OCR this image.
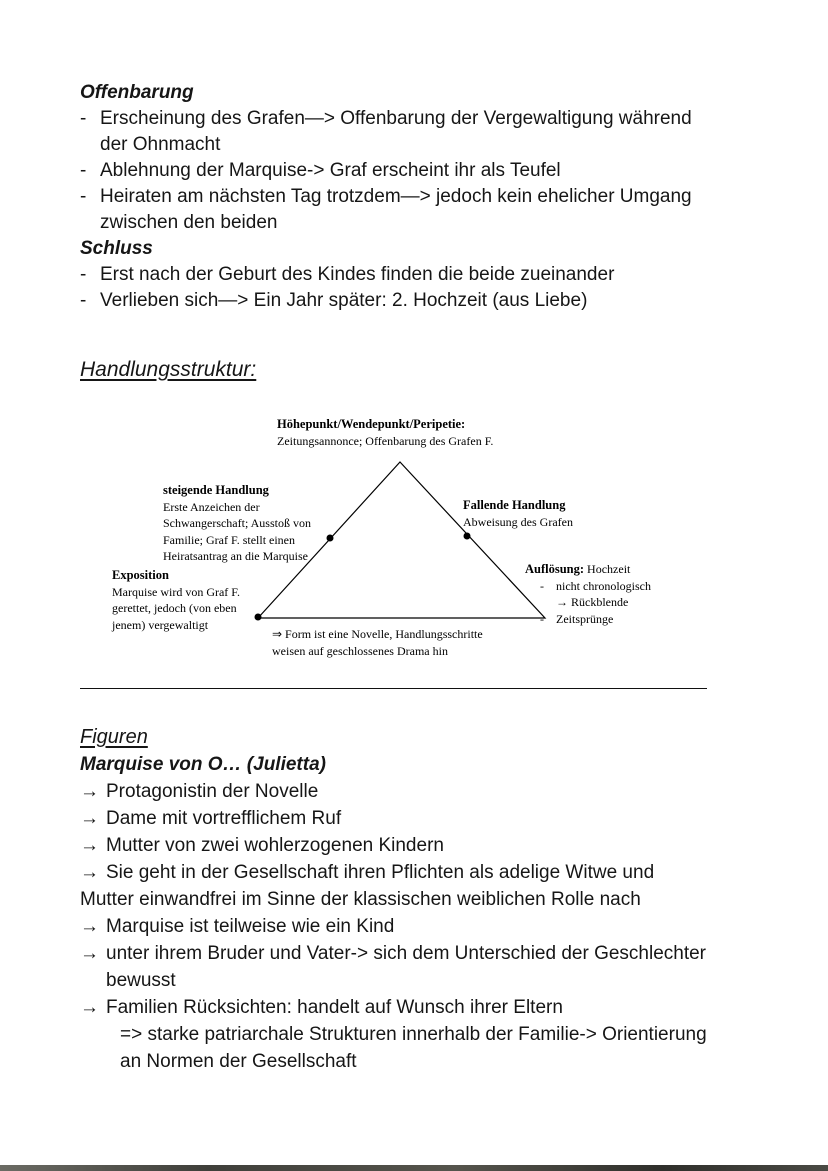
Offenbarung
- Erscheinung des Grafen—> Offenbarung der Vergewaltigung während
der Ohnmacht
- Ablehnung der Marquise-> Graf erscheint ihr als Teufel
- Heiraten am nächsten Tag trotzdem—> jedoch kein ehelicher Umgang
zwischen den beiden
Schluss
- Erst nach der Geburt des Kindes finden die beide zueinander
- Verlieben sich—> Ein Jahr später: 2. Hochzeit (aus Liebe)
Handlungsstruktur:
Höhepunkt/Wendepunkt/Peripetie:
Zeitungsannonce; Offenbarung des Grafen F.
steigende Handlung
Erste Anzeichen der
Schwangerschaft; Ausstoß von
Familie; Graf F. stellt einen
Heiratsantrag an die Marquise
Exposition
Marquise wird von Graf F.
gerettet, jedoch (von eben
jenem) vergewaltigt
Fallende Handlung
Abweisung des Grafen
Auflösung: Hochzeit
-	nicht chronologisch
→ Rückblende
-	Zeitsprünge
⇒ Form ist eine Novelle, Handlungsschritte
weisen auf geschlossenes Drama hin
Figuren
Marquise von O… (Julietta)
→ Protagonistin der Novelle
→ Dame mit vortrefflichem Ruf
→ Mutter von zwei wohlerzogenen Kindern
→ Sie geht in der Gesellschaft ihren Pflichten als adelige Witwe und
Mutter einwandfrei im Sinne der klassischen weiblichen Rolle nach
→ Marquise ist teilweise wie ein Kind
→ unter ihrem Bruder und Vater-> sich dem Unterschied der Geschlechter
bewusst
→ Familien Rücksichten: handelt auf Wunsch ihrer Eltern
=> starke patriarchale Strukturen innerhalb der Familie-> Orientierung
an Normen der Gesellschaft
